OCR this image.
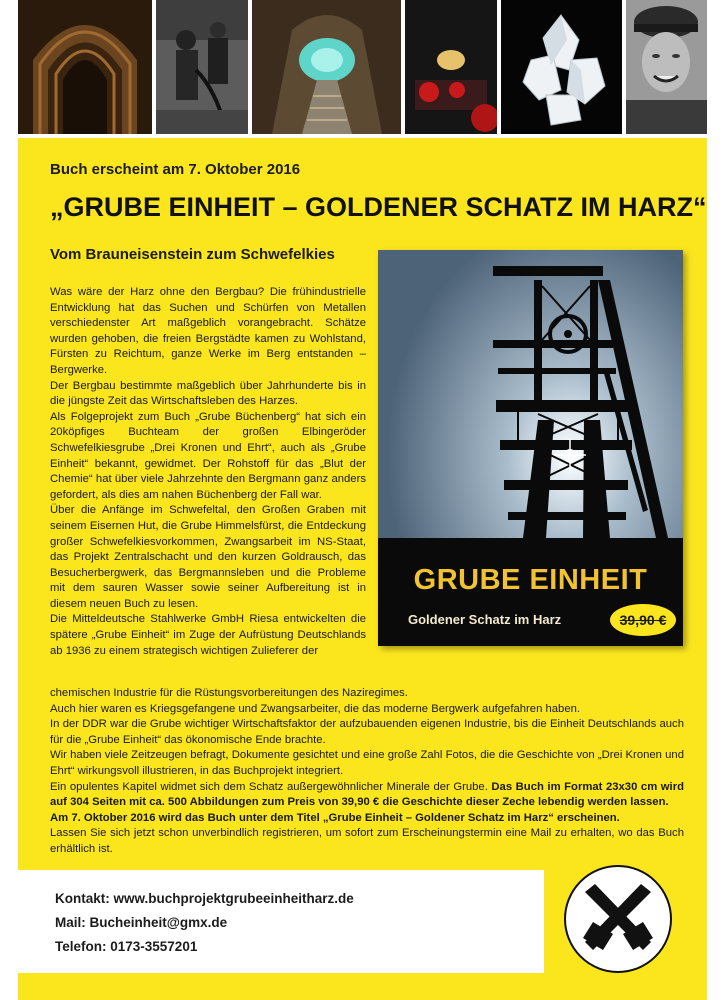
Buch erscheint am 7. Oktober 2016
„GRUBE EINHEIT – GOLDENER SCHATZ IM HARZ“
Vom Brauneisenstein zum Schwefelkies

Was wäre der Harz ohne den Bergbau? Die frühindustrielle Entwicklung hat das Suchen und Schürfen von Metallen verschiedenster Art maßgeblich vorangebracht. Schätze wurden gehoben, die freien Bergstädte kamen zu Wohlstand, Fürsten zu Reichtum, ganze Werke im Berg entstanden – Bergwerke.

Der Bergbau bestimmte maßgeblich über Jahrhunderte bis in die jüngste Zeit das Wirtschaftsleben des Harzes.

Als Folgeprojekt zum Buch „Grube Büchenberg“ hat sich ein 20köpfiges Buchteam der großen Elbingeröder Schwefelkiesgrube „Drei Kronen und Ehrt“, auch als „Grube Einheit“ bekannt, gewidmet. Der Rohstoff für das „Blut der Chemie“ hat über viele Jahrzehnte den Bergmann ganz anders gefordert, als dies am nahen Büchenberg der Fall war.

Über die Anfänge im Schwefeltal, den Großen Graben mit seinem Eisernen Hut, die Grube Himmelsfürst, die Entdeckung großer Schwefelkiesvorkommen, Zwangsarbeit im NS-Staat, das Projekt Zentralschacht und den kurzen Goldrausch, das Besucherbergwerk, das Bergmannsleben und die Probleme mit dem sauren Wasser sowie seiner Aufbereitung ist in diesem neuen Buch zu lesen.

Die Mitteldeutsche Stahlwerke GmbH Riesa entwickelten die spätere „Grube Einheit“ im Zuge der Aufrüstung Deutschlands ab 1936 zu einem strategisch wichtigen Zulieferer der

chemischen Industrie für die Rüstungsvorbereitungen des Naziregimes.

Auch hier waren es Kriegsgefangene und Zwangsarbeiter, die das moderne Bergwerk aufgefahren haben.

In der DDR war die Grube wichtiger Wirtschaftsfaktor der aufzubauenden eigenen Industrie, bis die Einheit Deutschlands auch für die „Grube Einheit“ das ökonomische Ende brachte.

Wir haben viele Zeitzeugen befragt, Dokumente gesichtet und eine große Zahl Fotos, die die Geschichte von „Drei Kronen und Ehrt“ wirkungsvoll illustrieren, in das Buchprojekt integriert.

Ein opulentes Kapitel widmet sich dem Schatz außergewöhnlicher Minerale der Grube. Das Buch im Format 23x30 cm wird auf 304 Seiten mit ca. 500 Abbildungen zum Preis von 39,90 € die Geschichte dieser Zeche lebendig werden lassen.

Am 7. Oktober 2016 wird das Buch unter dem Titel „Grube Einheit – Goldener Schatz im Harz“ erscheinen.

Lassen Sie sich jetzt schon unverbindlich registrieren, um sofort zum Erscheinungstermin eine Mail zu erhalten, wo das Buch erhältlich ist.

GRUBE EINHEIT
Goldener Schatz im Harz	39,90 €
Kontakt: www.buchprojektgrubeeinheitharz.de
Mail: Bucheinheit@gmx.de
Telefon: 0173-3557201
